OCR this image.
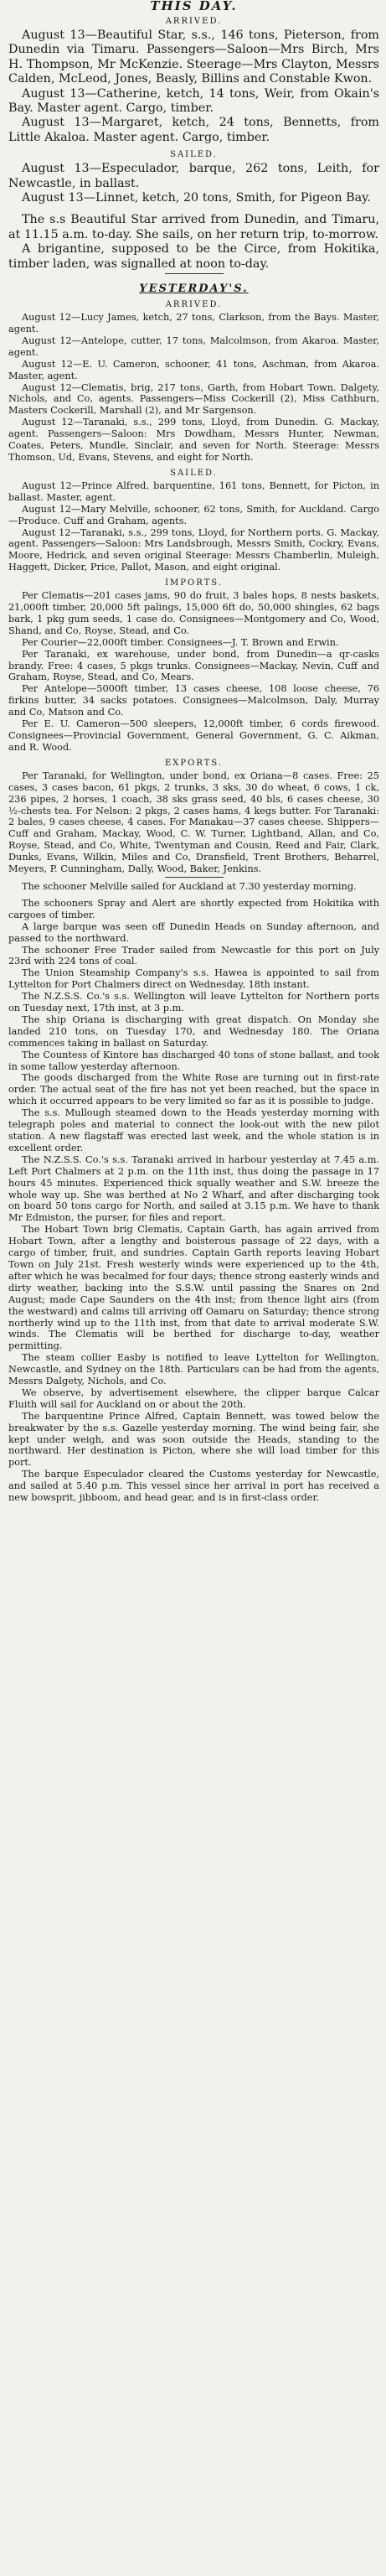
THIS DAY.
ARRIVED.

August 13—Beautiful Star, s.s., 146 tons, Pieterson, from Dunedin via Timaru. Passengers—Saloon—Mrs Birch, Mrs H. Thompson, Mr McKenzie. Steerage—Mrs Clayton, Messrs Calden, McLeod, Jones, Beasly, Billins and Constable Kwon.

August 13—Catherine, ketch, 14 tons, Weir, from Okain's Bay. Master agent. Cargo, timber.

August 13—Margaret, ketch, 24 tons, Bennetts, from Little Akaloa. Master agent. Cargo, timber.

SAILED.

August 13—Especulador, barque, 262 tons, Leith, for Newcastle, in ballast.

August 13—Linnet, ketch, 20 tons, Smith, for Pigeon Bay.

The s.s Beautiful Star arrived from Dunedin, and Timaru, at 11.15 a.m. to-day. She sails, on her return trip, to-morrow.

A brigantine, supposed to be the Circe, from Hokitika, timber laden, was signalled at noon to-day.

YESTERDAY'S.
ARRIVED.

August 12—Lucy James, ketch, 27 tons, Clarkson, from the Bays. Master, agent.

August 12—Antelope, cutter, 17 tons, Malcolmson, from Akaroa. Master, agent.

August 12—E. U. Cameron, schooner, 41 tons, Aschman, from Akaroa. Master, agent.

August 12—Clematis, brig, 217 tons, Garth, from Hobart Town. Dalgety, Nichols, and Co, agents. Passengers—Miss Cockerill (2), Miss Cathburn, Masters Cockerill, Marshall (2), and Mr Sargenson.

August 12—Taranaki, s.s., 299 tons, Lloyd, from Dunedin. G. Mackay, agent. Passengers—Saloon: Mrs Dowdham, Messrs Hunter, Newman, Coates, Peters, Mundle, Sinclair, and seven for North. Steerage: Messrs Thomson, Ud, Evans, Stevens, and eight for North.

SAILED.

August 12—Prince Alfred, barquentine, 161 tons, Bennett, for Picton, in ballast. Master, agent.

August 12—Mary Melville, schooner, 62 tons, Smith, for Auckland. Cargo—Produce. Cuff and Graham, agents.

August 12—Taranaki, s.s., 299 tons, Lloyd, for Northern ports. G. Mackay, agent. Passengers—Saloon: Mrs Landsbrough, Messrs Smith, Cockry, Evans, Moore, Hedrick, and seven original Steerage: Messrs Chamberlin, Muleigh, Haggett, Dicker, Price, Pallot, Mason, and eight original.

IMPORTS.

Per Clematis—201 cases jams, 90 do fruit, 3 bales hops, 8 nests baskets, 21,000ft timber, 20,000 5ft palings, 15,000 6ft do, 50,000 shingles, 62 bags bark, 1 pkg gum seeds, 1 case do. Consignees—Montgomery and Co, Wood, Shand, and Co, Royse, Stead, and Co.

Per Courier—22,000ft timber. Consignees—J. T. Brown and Erwin.

Per Taranaki, ex warehouse, under bond, from Dunedin—a qr-casks brandy. Free: 4 cases, 5 pkgs trunks. Consignees—Mackay, Nevin, Cuff and Graham, Royse, Stead, and Co, Mears.

Per Antelope—5000ft timber, 13 cases cheese, 108 loose cheese, 76 firkins butter, 34 sacks potatoes. Consignees—Malcolmson, Daly, Murray and Co, Matson and Co.

Per E. U. Cameron—500 sleepers, 12,000ft timber, 6 cords firewood. Consignees—Provincial Government, General Government, G. C. Aikman, and R. Wood.

EXPORTS.

Per Taranaki, for Wellington, under bond, ex Oriana—8 cases. Free: 25 cases, 3 cases bacon, 61 pkgs, 2 trunks, 3 sks, 30 do wheat, 6 cows, 1 ck, 236 pipes, 2 horses, 1 coach, 38 sks grass seed, 40 bls, 6 cases cheese, 30 ½-chests tea. For Nelson: 2 pkgs, 2 cases hams, 4 kegs butter. For Taranaki: 2 bales, 9 cases cheese, 4 cases. For Manakau—37 cases cheese. Shippers—Cuff and Graham, Mackay, Wood, C. W. Turner, Lightband, Allan, and Co, Royse, Stead, and Co, White, Twentyman and Cousin, Reed and Fair, Clark, Dunks, Evans, Wilkin, Miles and Co, Dransfield, Trent Brothers, Beharrel, Meyers, P. Cunningham, Dally, Wood, Baker, Jenkins.

The schooner Melville sailed for Auckland at 7.30 yesterday morning.

The schooners Spray and Alert are shortly expected from Hokitika with cargoes of timber.

A large barque was seen off Dunedin Heads on Sunday afternoon, and passed to the northward.

The schooner Free Trader sailed from Newcastle for this port on July 23rd with 224 tons of coal.

The Union Steamship Company's s.s. Hawea is appointed to sail from Lyttelton for Port Chalmers direct on Wednesday, 18th instant.

The N.Z.S.S. Co.'s s.s. Wellington will leave Lyttelton for Northern ports on Tuesday next, 17th inst, at 3 p.m.

The ship Oriana is discharging with great dispatch. On Monday she landed 210 tons, on Tuesday 170, and Wednesday 180. The Oriana commences taking in ballast on Saturday.

The Countess of Kintore has discharged 40 tons of stone ballast, and took in some tallow yesterday afternoon.

The goods discharged from the White Rose are turning out in first-rate order. The actual seat of the fire has not yet been reached, but the space in which it occurred appears to be very limited so far as it is possible to judge.

The s.s. Mullough steamed down to the Heads yesterday morning with telegraph poles and material to connect the look-out with the new pilot station. A new flagstaff was erected last week, and the whole station is in excellent order.

The N.Z.S.S. Co.'s s.s. Taranaki arrived in harbour yesterday at 7.45 a.m. Left Port Chalmers at 2 p.m. on the 11th inst, thus doing the passage in 17 hours 45 minutes. Experienced thick squally weather and S.W. breeze the whole way up. She was berthed at No 2 Wharf, and after discharging took on board 50 tons cargo for North, and sailed at 3.15 p.m. We have to thank Mr Edmiston, the purser, for files and report.

The Hobart Town brig Clematis, Captain Garth, has again arrived from Hobart Town, after a lengthy and boisterous passage of 22 days, with a cargo of timber, fruit, and sundries. Captain Garth reports leaving Hobart Town on July 21st. Fresh westerly winds were experienced up to the 4th, after which he was becalmed for four days; thence strong easterly winds and dirty weather, backing into the S.S.W. until passing the Snares on 2nd August; made Cape Saunders on the 4th inst; from thence light airs (from the westward) and calms till arriving off Oamaru on Saturday; thence strong northerly wind up to the 11th inst, from that date to arrival moderate S.W. winds. The Clematis will be berthed for discharge to-day, weather permitting.

The steam collier Easby is notified to leave Lyttelton for Wellington, Newcastle, and Sydney on the 18th. Particulars can be had from the agents, Messrs Dalgety, Nichols, and Co.

We observe, by advertisement elsewhere, the clipper barque Calcar Fluith will sail for Auckland on or about the 20th.

The barquentine Prince Alfred, Captain Bennett, was towed below the breakwater by the s.s. Gazelle yesterday morning. The wind being fair, she kept under weigh, and was soon outside the Heads, standing to the northward. Her destination is Picton, where she will load timber for this port.

The barque Especulador cleared the Customs yesterday for Newcastle, and sailed at 5.40 p.m. This vessel since her arrival in port has received a new bowsprit, jibboom, and head gear, and is in first-class order.
